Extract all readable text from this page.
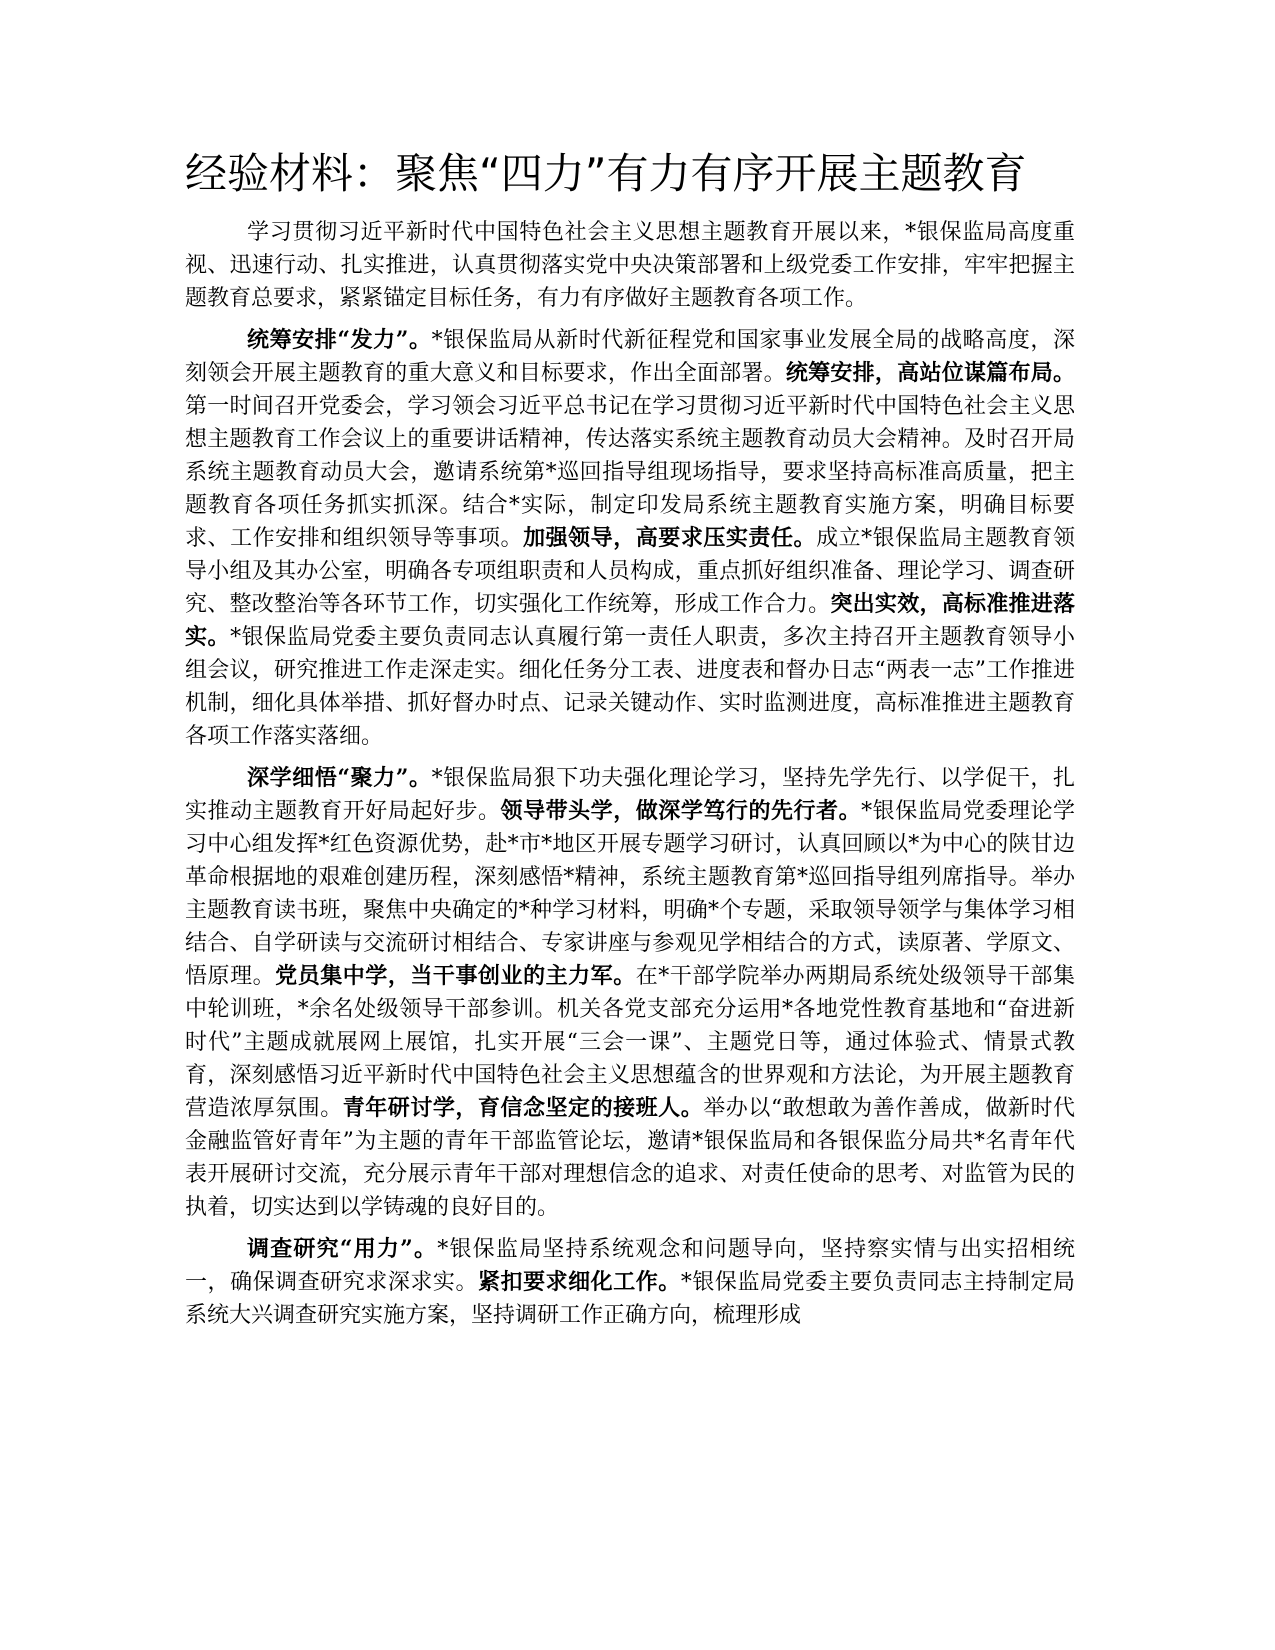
经验材料：聚焦“四力”有力有序开展主题教育

学习贯彻习近平新时代中国特色社会主义思想主题教育开展以来，*银保监局高度重视、迅速行动、扎实推进，认真贯彻落实党中央决策部署和上级党委工作安排，牢牢把握主题教育总要求，紧紧锚定目标任务，有力有序做好主题教育各项工作。

统筹安排“发力”。*银保监局从新时代新征程党和国家事业发展全局的战略高度，深刻领会开展主题教育的重大意义和目标要求，作出全面部署。统筹安排，高站位谋篇布局。第一时间召开党委会，学习领会习近平总书记在学习贯彻习近平新时代中国特色社会主义思想主题教育工作会议上的重要讲话精神，传达落实系统主题教育动员大会精神。及时召开局系统主题教育动员大会，邀请系统第*巡回指导组现场指导，要求坚持高标准高质量，把主题教育各项任务抓实抓深。结合*实际，制定印发局系统主题教育实施方案，明确目标要求、工作安排和组织领导等事项。加强领导，高要求压实责任。成立*银保监局主题教育领导小组及其办公室，明确各专项组职责和人员构成，重点抓好组织准备、理论学习、调查研究、整改整治等各环节工作，切实强化工作统筹，形成工作合力。突出实效，高标准推进落实。*银保监局党委主要负责同志认真履行第一责任人职责，多次主持召开主题教育领导小组会议，研究推进工作走深走实。细化任务分工表、进度表和督办日志“两表一志”工作推进机制，细化具体举措、抓好督办时点、记录关键动作、实时监测进度，高标准推进主题教育各项工作落实落细。

深学细悟“聚力”。*银保监局狠下功夫强化理论学习，坚持先学先行、以学促干，扎实推动主题教育开好局起好步。领导带头学，做深学笃行的先行者。*银保监局党委理论学习中心组发挥*红色资源优势，赴*市*地区开展专题学习研讨，认真回顾以*为中心的陕甘边革命根据地的艰难创建历程，深刻感悟*精神，系统主题教育第*巡回指导组列席指导。举办主题教育读书班，聚焦中央确定的*种学习材料，明确*个专题，采取领导领学与集体学习相结合、自学研读与交流研讨相结合、专家讲座与参观见学相结合的方式，读原著、学原文、悟原理。党员集中学，当干事创业的主力军。在*干部学院举办两期局系统处级领导干部集中轮训班，*余名处级领导干部参训。机关各党支部充分运用*各地党性教育基地和“奋进新时代”主题成就展网上展馆，扎实开展“三会一课”、主题党日等，通过体验式、情景式教育，深刻感悟习近平新时代中国特色社会主义思想蕴含的世界观和方法论，为开展主题教育营造浓厚氛围。青年研讨学，育信念坚定的接班人。举办以“敢想敢为善作善成，做新时代金融监管好青年”为主题的青年干部监管论坛，邀请*银保监局和各银保监分局共*名青年代表开展研讨交流，充分展示青年干部对理想信念的追求、对责任使命的思考、对监管为民的执着，切实达到以学铸魂的良好目的。

调查研究“用力”。*银保监局坚持系统观念和问题导向，坚持察实情与出实招相统一，确保调查研究求深求实。紧扣要求细化工作。*银保监局党委主要负责同志主持制定局系统大兴调查研究实施方案，坚持调研工作正确方向，梳理形成
